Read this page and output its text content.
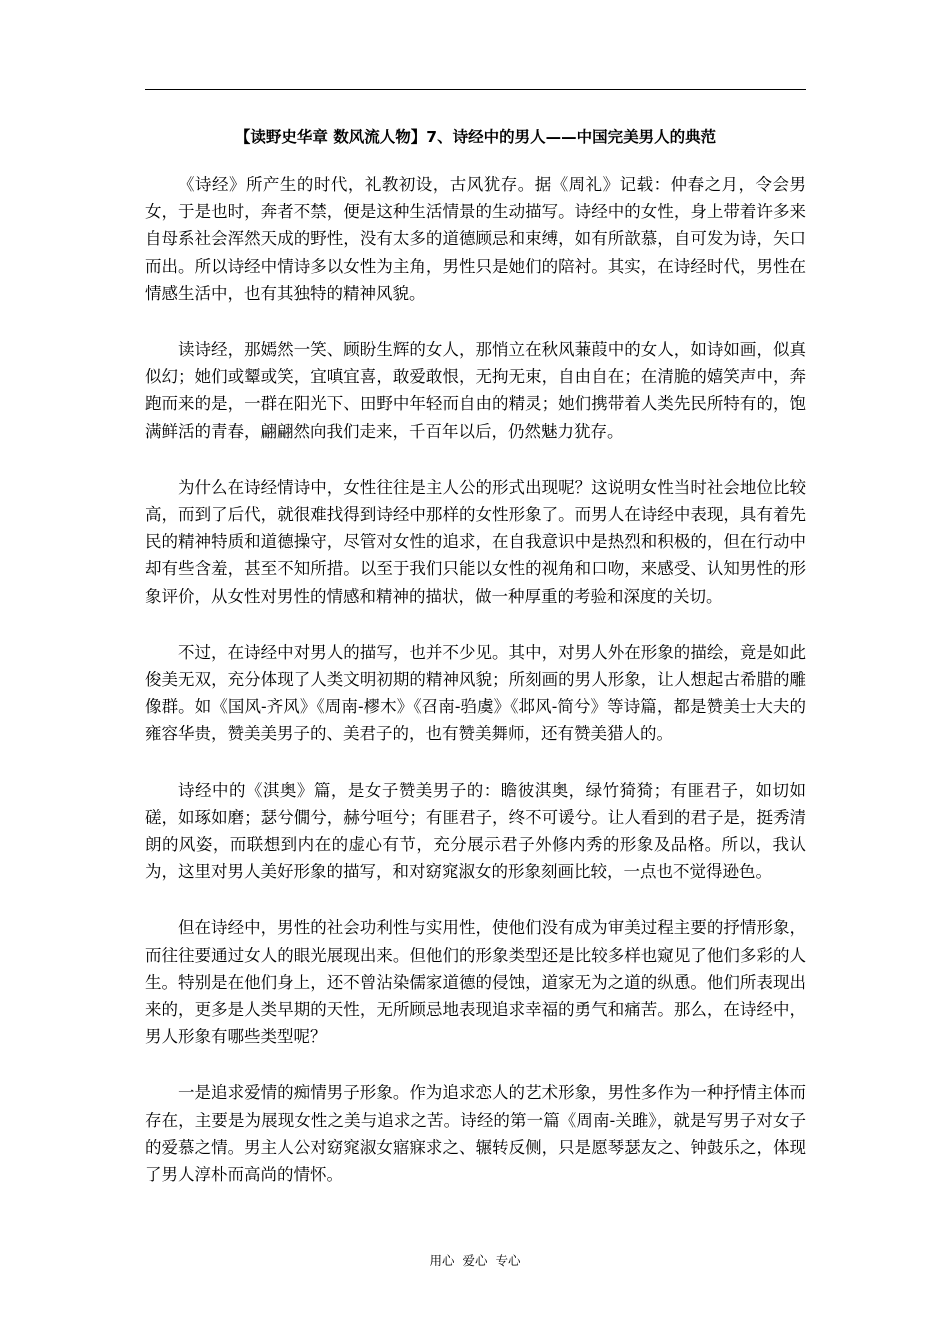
【读野史华章 数风流人物】7、诗经中的男人——中国完美男人的典范

《诗经》所产生的时代，礼教初设，古风犹存。据《周礼》记载：仲春之月，令会男女，于是也时，奔者不禁，便是这种生活情景的生动描写。诗经中的女性，身上带着许多来自母系社会浑然天成的野性，没有太多的道德顾忌和束缚，如有所歆慕，自可发为诗，矢口而出。所以诗经中情诗多以女性为主角，男性只是她们的陪衬。其实，在诗经时代，男性在情感生活中，也有其独特的精神风貌。

读诗经，那嫣然一笑、顾盼生辉的女人，那悄立在秋风蒹葭中的女人，如诗如画，似真似幻；她们或颦或笑，宜嗔宜喜，敢爱敢恨，无拘无束，自由自在；在清脆的嬉笑声中，奔跑而来的是，一群在阳光下、田野中年轻而自由的精灵；她们携带着人类先民所特有的，饱满鲜活的青春，翩翩然向我们走来，千百年以后，仍然魅力犹存。

为什么在诗经情诗中，女性往往是主人公的形式出现呢？这说明女性当时社会地位比较高，而到了后代，就很难找得到诗经中那样的女性形象了。而男人在诗经中表现，具有着先民的精神特质和道德操守，尽管对女性的追求，在自我意识中是热烈和积极的，但在行动中却有些含羞，甚至不知所措。以至于我们只能以女性的视角和口吻，来感受、认知男性的形象评价，从女性对男性的情感和精神的描状，做一种厚重的考验和深度的关切。

不过，在诗经中对男人的描写，也并不少见。其中，对男人外在形象的描绘，竟是如此俊美无双，充分体现了人类文明初期的精神风貌；所刻画的男人形象，让人想起古希腊的雕像群。如《国风-齐风》《周南-樛木》《召南-驺虞》《邶风-简兮》等诗篇，都是赞美士大夫的雍容华贵，赞美美男子的、美君子的，也有赞美舞师，还有赞美猎人的。

诗经中的《淇奥》篇，是女子赞美男子的：瞻彼淇奥，绿竹猗猗；有匪君子，如切如磋，如琢如磨；瑟兮僩兮，赫兮咺兮；有匪君子，终不可谖兮。让人看到的君子是，挺秀清朗的风姿，而联想到内在的虚心有节，充分展示君子外修内秀的形象及品格。所以，我认为，这里对男人美好形象的描写，和对窈窕淑女的形象刻画比较，一点也不觉得逊色。

但在诗经中，男性的社会功利性与实用性，使他们没有成为审美过程主要的抒情形象，而往往要通过女人的眼光展现出来。但他们的形象类型还是比较多样也窥见了他们多彩的人生。特别是在他们身上，还不曾沾染儒家道德的侵蚀，道家无为之道的纵恿。他们所表现出来的，更多是人类早期的天性，无所顾忌地表现追求幸福的勇气和痛苦。那么，在诗经中，男人形象有哪些类型呢？

一是追求爱情的痴情男子形象。作为追求恋人的艺术形象，男性多作为一种抒情主体而存在，主要是为展现女性之美与追求之苦。诗经的第一篇《周南-关雎》，就是写男子对女子的爱慕之情。男主人公对窈窕淑女寤寐求之、辗转反侧，只是愿琴瑟友之、钟鼓乐之，体现了男人淳朴而高尚的情怀。

用心  爱心  专心
